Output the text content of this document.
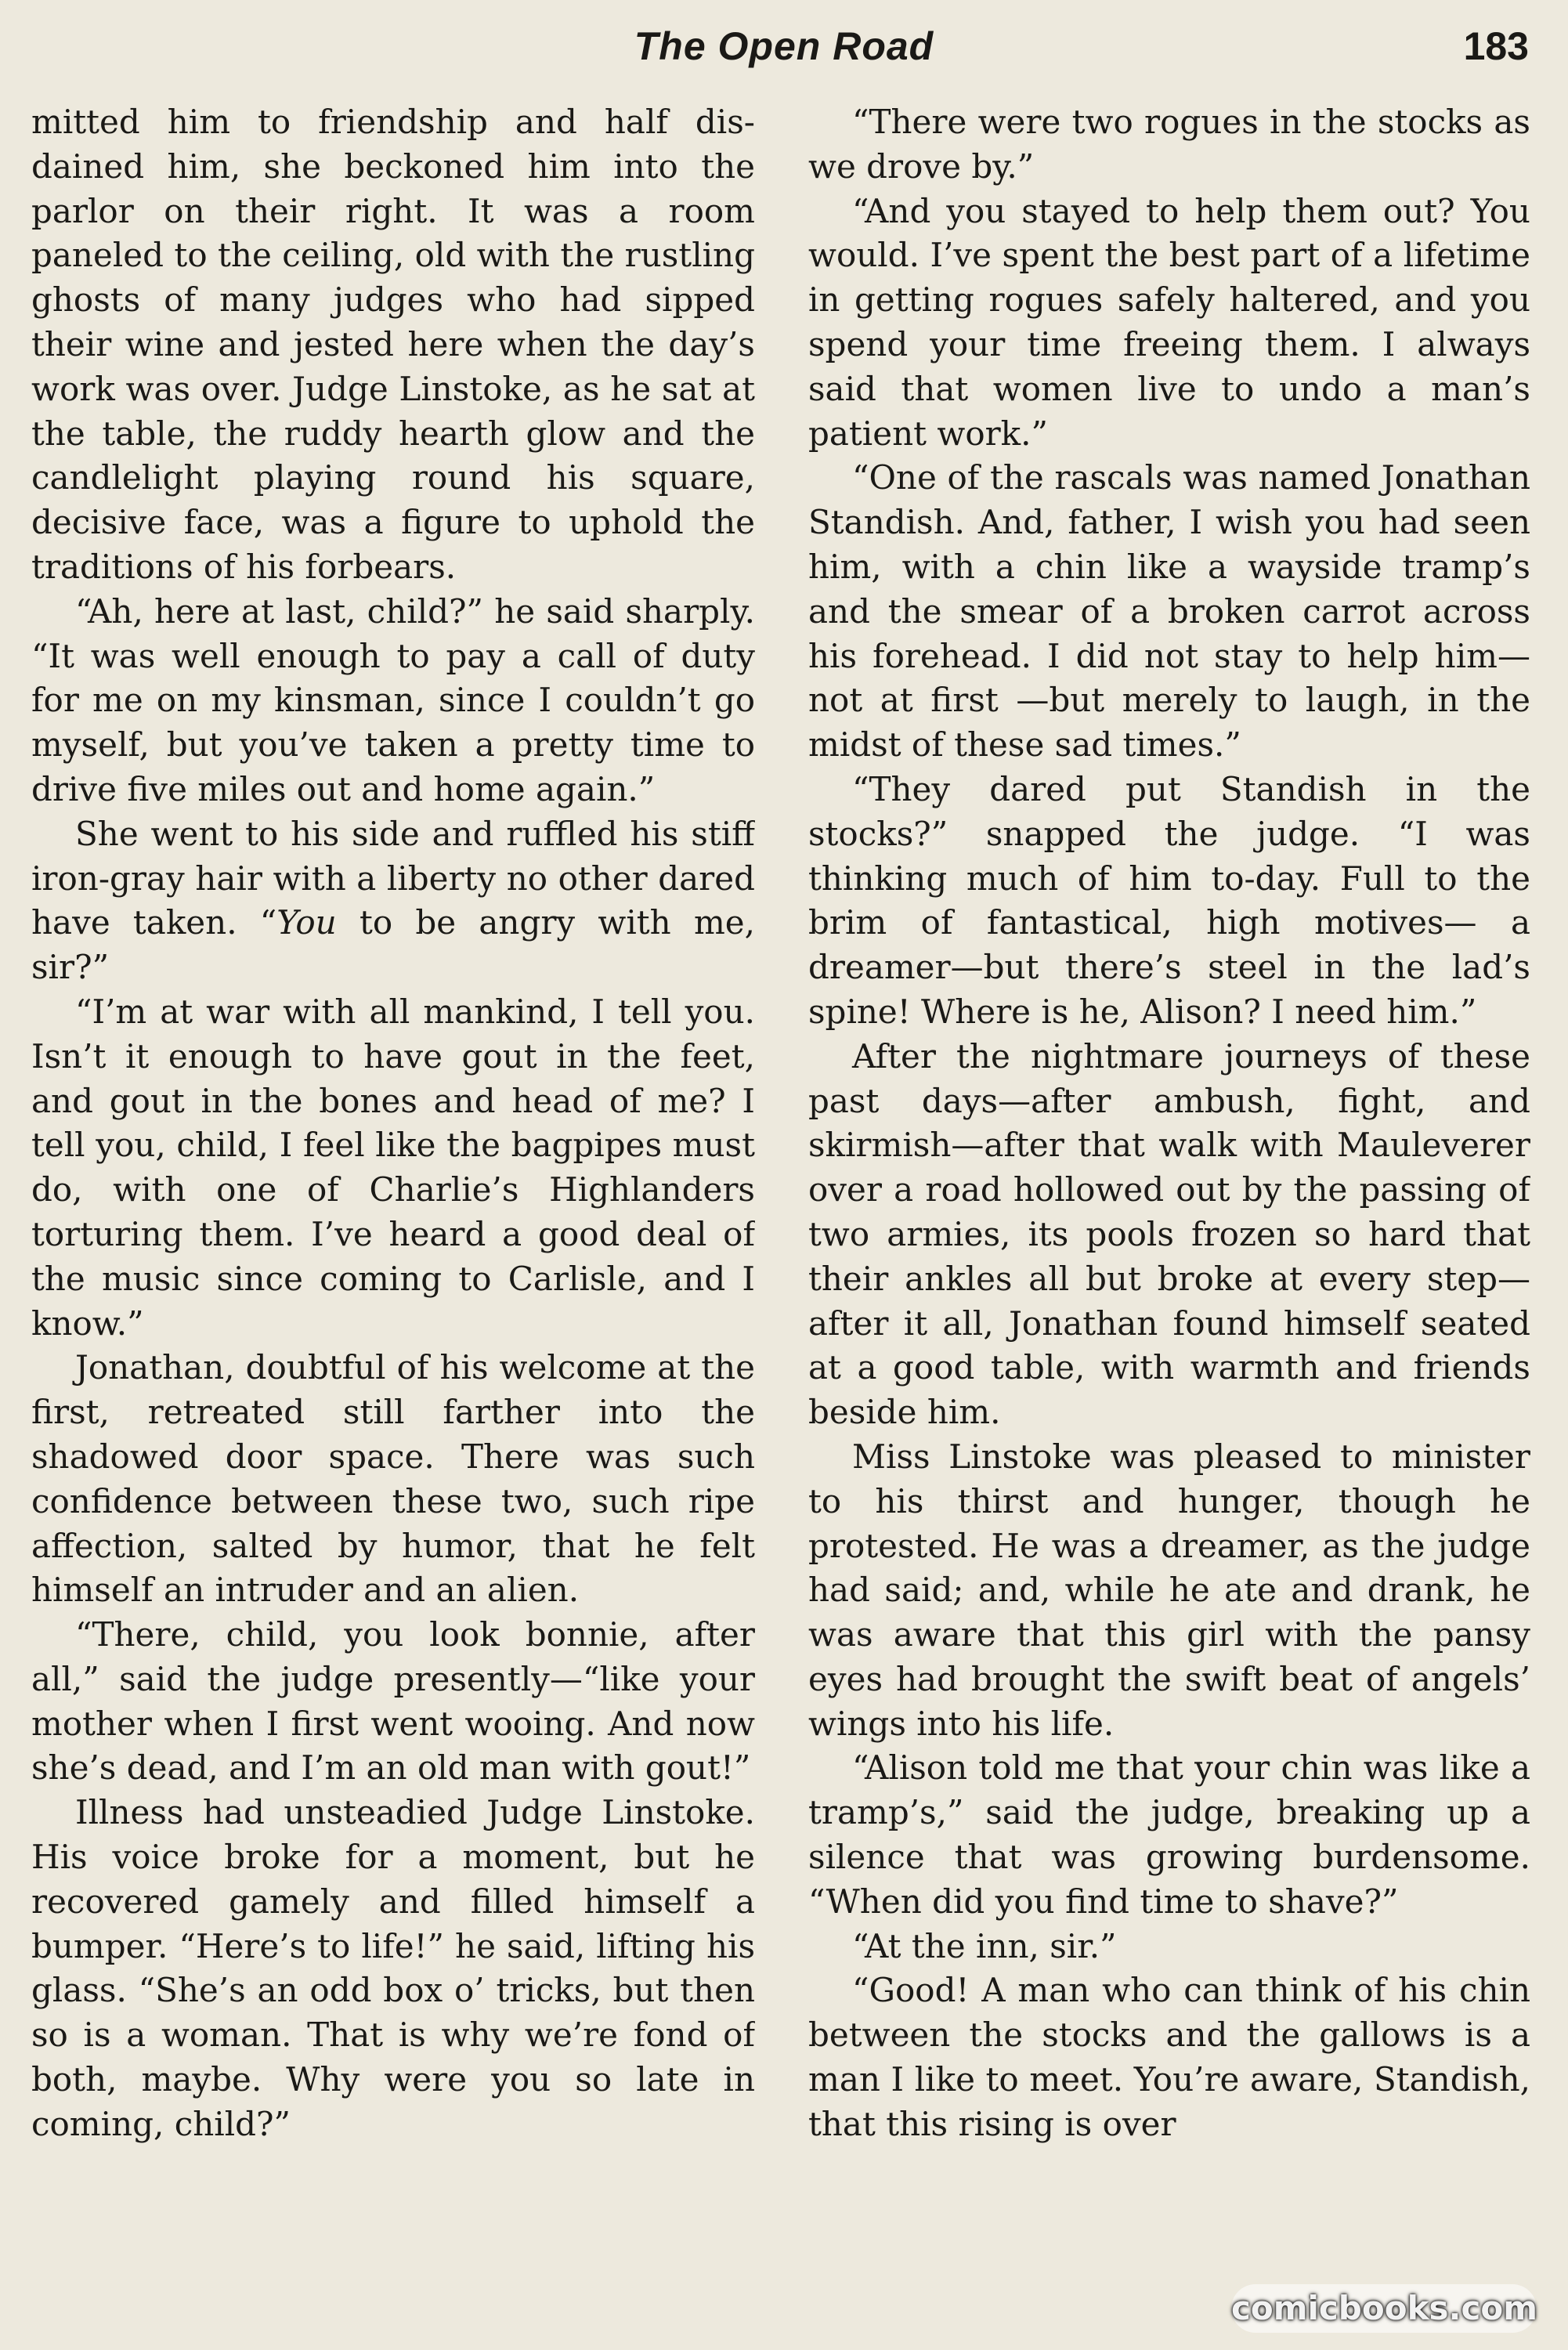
The Open Road	183

mitted him to friendship and half disdained him, she beckoned him into the parlor on their right. It was a room paneled to the ceiling, old with the rustling ghosts of many judges who had sipped their wine and jested here when the day’s work was over. Judge Linstoke, as he sat at the table, the ruddy hearth glow and the candlelight playing round his square, decisive face, was a figure to uphold the traditions of his forbears.

“Ah, here at last, child?” he said sharply. “It was well enough to pay a call of duty for me on my kinsman, since I couldn’t go myself, but you’ve taken a pretty time to drive five miles out and home again.”

She went to his side and ruffled his stiff iron-gray hair with a liberty no other dared have taken. “You to be angry with me, sir?”

“I’m at war with all mankind, I tell you. Isn’t it enough to have gout in the feet, and gout in the bones and head of me? I tell you, child, I feel like the bagpipes must do, with one of Charlie’s Highlanders torturing them. I’ve heard a good deal of the music since coming to Carlisle, and I know.”

Jonathan, doubtful of his welcome at the first, retreated still farther into the shadowed door space. There was such confidence between these two, such ripe affection, salted by humor, that he felt himself an intruder and an alien.

“There, child, you look bonnie, after all,” said the judge presently—“like your mother when I first went wooing. And now she’s dead, and I’m an old man with gout!”

Illness had unsteadied Judge Linstoke. His voice broke for a moment, but he recovered gamely and filled himself a bumper. “Here’s to life!” he said, lifting his glass. “She’s an odd box o’ tricks, but then so is a woman. That is why we’re fond of both, maybe. Why were you so late in coming, child?”

“There were two rogues in the stocks as we drove by.”

“And you stayed to help them out? You would. I’ve spent the best part of a lifetime in getting rogues safely haltered, and you spend your time freeing them. I always said that women live to undo a man’s patient work.”

“One of the rascals was named Jonathan Standish. And, father, I wish you had seen him, with a chin like a wayside tramp’s and the smear of a broken carrot across his forehead. I did not stay to help him—not at first —but merely to laugh, in the midst of these sad times.”

“They dared put Standish in the stocks?” snapped the judge. “I was thinking much of him to-day. Full to the brim of fantastical, high motives— a dreamer—but there’s steel in the lad’s spine! Where is he, Alison? I need him.”

After the nightmare journeys of these past days—after ambush, fight, and skirmish—after that walk with Mauleverer over a road hollowed out by the passing of two armies, its pools frozen so hard that their ankles all but broke at every step—after it all, Jonathan found himself seated at a good table, with warmth and friends beside him.

Miss Linstoke was pleased to minister to his thirst and hunger, though he protested. He was a dreamer, as the judge had said; and, while he ate and drank, he was aware that this girl with the pansy eyes had brought the swift beat of angels’ wings into his life.

“Alison told me that your chin was like a tramp’s,” said the judge, breaking up a silence that was growing burdensome. “When did you find time to shave?”

“At the inn, sir.”

“Good! A man who can think of his chin between the stocks and the gallows is a man I like to meet. You’re aware, Standish, that this rising is over

comicbooks.com
